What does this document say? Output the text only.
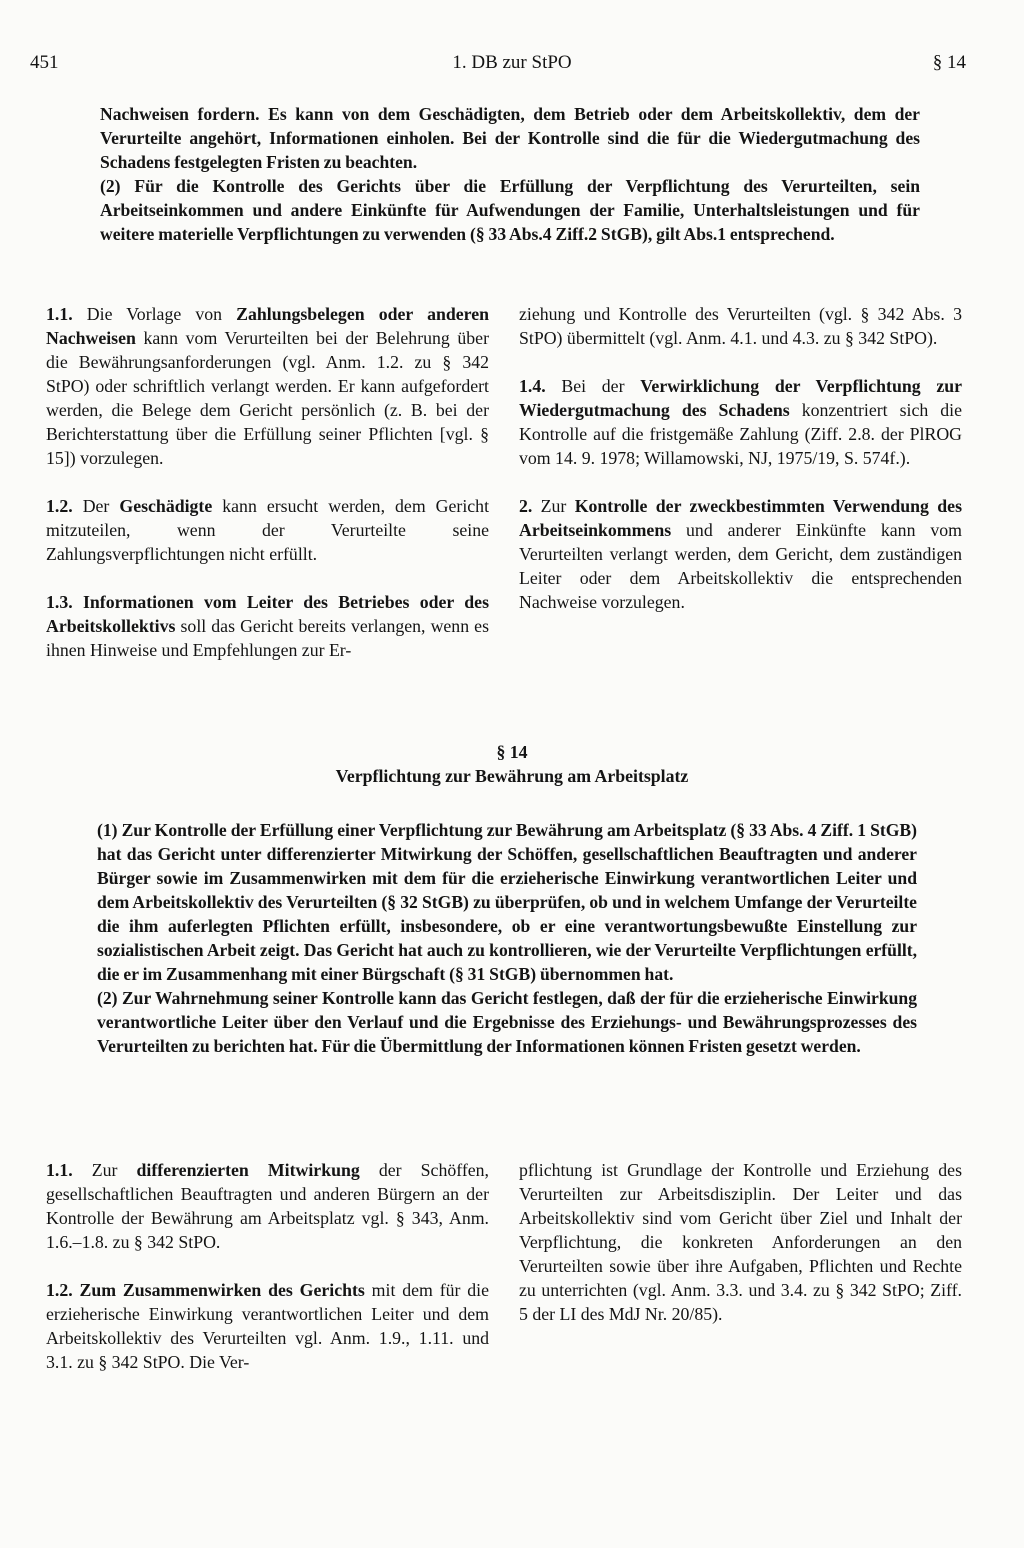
451	1. DB zur StPO	§ 14

Nachweisen fordern. Es kann von dem Geschädigten, dem Betrieb oder dem Arbeitskollektiv, dem der Verurteilte angehört, Informationen einholen. Bei der Kontrolle sind die für die Wiedergutmachung des Schadens festgelegten Fristen zu beachten.

(2) Für die Kontrolle des Gerichts über die Erfüllung der Verpflichtung des Verurteilten, sein Arbeitseinkommen und andere Einkünfte für Aufwendungen der Familie, Unterhaltsleistungen und für weitere materielle Verpflichtungen zu verwenden (§ 33 Abs.4 Ziff.2 StGB), gilt Abs.1 entsprechend.

1.1. Die Vorlage von Zahlungsbelegen oder anderen Nachweisen kann vom Verurteilten bei der Belehrung über die Bewährungsanforderungen (vgl. Anm. 1.2. zu § 342 StPO) oder schriftlich verlangt werden. Er kann aufgefordert werden, die Belege dem Gericht persönlich (z. B. bei der Berichterstattung über die Erfüllung seiner Pflichten [vgl. § 15]) vorzulegen.

1.2. Der Geschädigte kann ersucht werden, dem Gericht mitzuteilen, wenn der Verurteilte seine Zahlungsverpflichtungen nicht erfüllt.

1.3. Informationen vom Leiter des Betriebes oder des Arbeitskollektivs soll das Gericht bereits verlangen, wenn es ihnen Hinweise und Empfehlungen zur Er-

ziehung und Kontrolle des Verurteilten (vgl. § 342 Abs. 3 StPO) übermittelt (vgl. Anm. 4.1. und 4.3. zu § 342 StPO).

1.4. Bei der Verwirklichung der Verpflichtung zur Wiedergutmachung des Schadens konzentriert sich die Kontrolle auf die fristgemäße Zahlung (Ziff. 2.8. der PlROG vom 14. 9. 1978; Willamowski, NJ, 1975/19, S. 574f.).

2. Zur Kontrolle der zweckbestimmten Verwendung des Arbeitseinkommens und anderer Einkünfte kann vom Verurteilten verlangt werden, dem Gericht, dem zuständigen Leiter oder dem Arbeitskollektiv die entsprechenden Nachweise vorzulegen.

§ 14
Verpflichtung zur Bewährung am Arbeitsplatz

(1) Zur Kontrolle der Erfüllung einer Verpflichtung zur Bewährung am Arbeitsplatz (§ 33 Abs. 4 Ziff. 1 StGB) hat das Gericht unter differenzierter Mitwirkung der Schöffen, gesellschaftlichen Beauftragten und anderer Bürger sowie im Zusammenwirken mit dem für die erzieherische Einwirkung verantwortlichen Leiter und dem Arbeitskollektiv des Verurteilten (§ 32 StGB) zu überprüfen, ob und in welchem Umfange der Verurteilte die ihm auferlegten Pflichten erfüllt, insbesondere, ob er eine verantwortungsbewußte Einstellung zur sozialistischen Arbeit zeigt. Das Gericht hat auch zu kontrollieren, wie der Verurteilte Verpflichtungen erfüllt, die er im Zusammenhang mit einer Bürgschaft (§ 31 StGB) übernommen hat.

(2) Zur Wahrnehmung seiner Kontrolle kann das Gericht festlegen, daß der für die erzieherische Einwirkung verantwortliche Leiter über den Verlauf und die Ergebnisse des Erziehungs- und Bewährungsprozesses des Verurteilten zu berichten hat. Für die Übermittlung der Informationen können Fristen gesetzt werden.

1.1. Zur differenzierten Mitwirkung der Schöffen, gesellschaftlichen Beauftragten und anderen Bürgern an der Kontrolle der Bewährung am Arbeitsplatz vgl. § 343, Anm. 1.6.–1.8. zu § 342 StPO.

1.2. Zum Zusammenwirken des Gerichts mit dem für die erzieherische Einwirkung verantwortlichen Leiter und dem Arbeitskollektiv des Verurteilten vgl. Anm. 1.9., 1.11. und 3.1. zu § 342 StPO. Die Ver-

pflichtung ist Grundlage der Kontrolle und Erziehung des Verurteilten zur Arbeitsdisziplin. Der Leiter und das Arbeitskollektiv sind vom Gericht über Ziel und Inhalt der Verpflichtung, die konkreten Anforderungen an den Verurteilten sowie über ihre Aufgaben, Pflichten und Rechte zu unterrichten (vgl. Anm. 3.3. und 3.4. zu § 342 StPO; Ziff. 5 der LI des MdJ Nr. 20/85).
